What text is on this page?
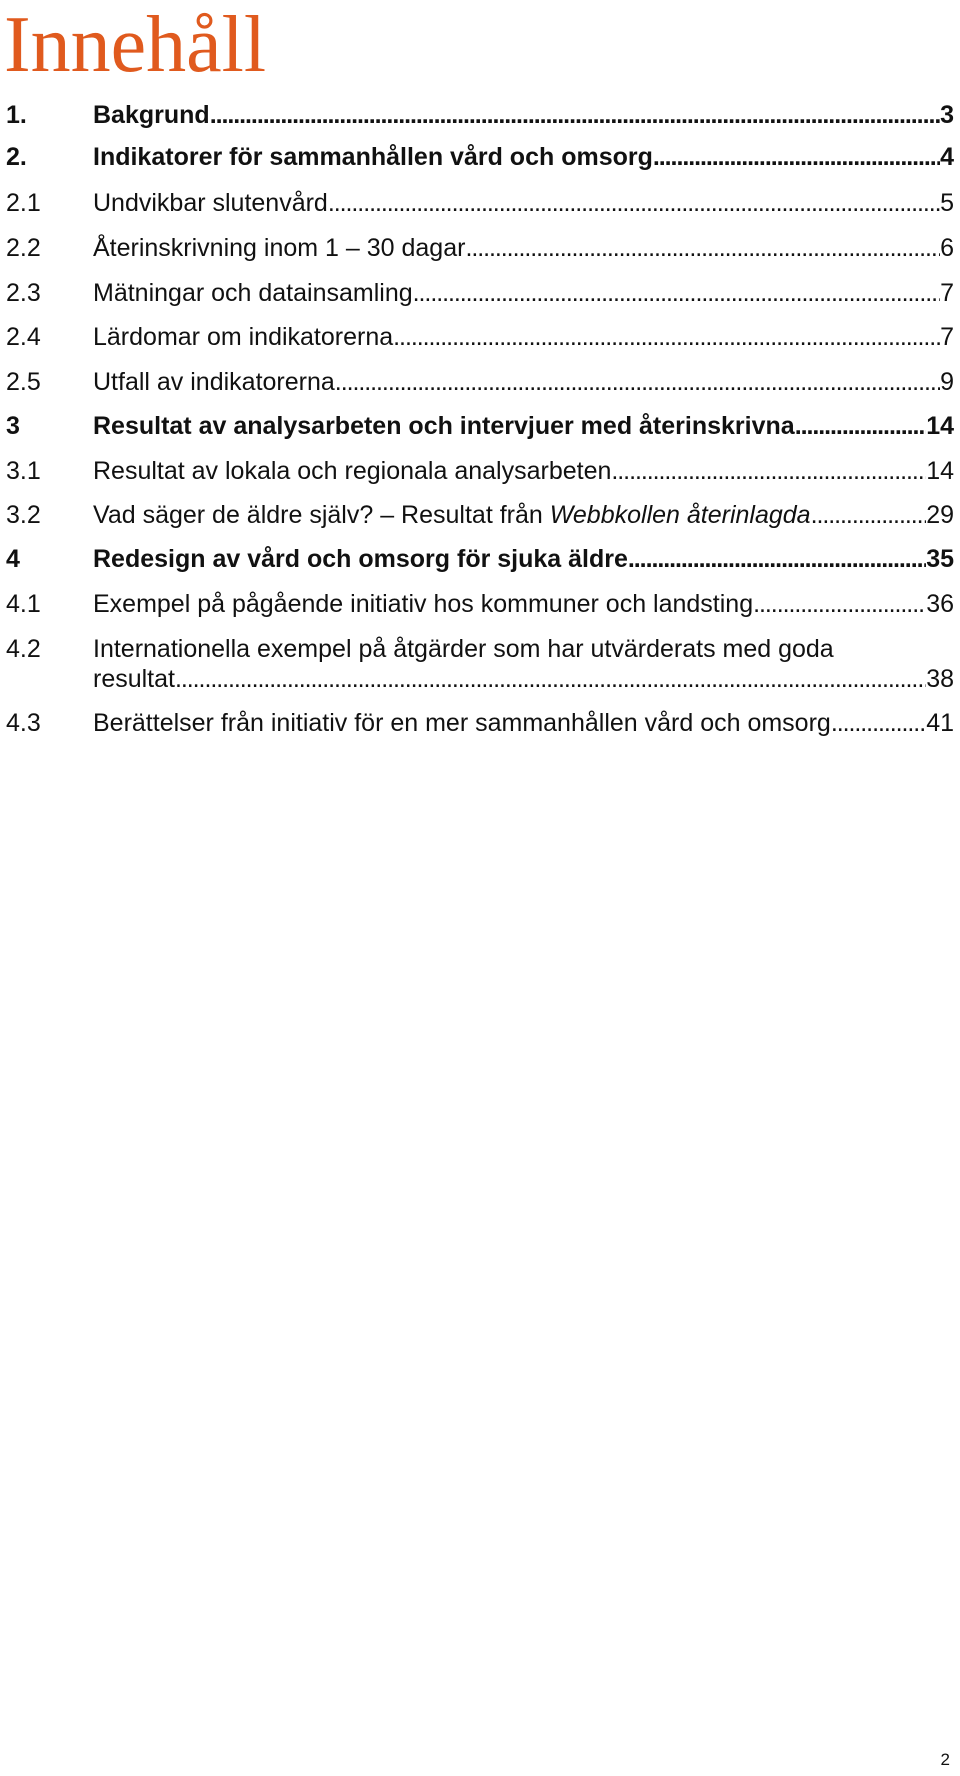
Innehåll
1.	Bakgrund . . .	3
2.	Indikatorer för sammanhållen vård och omsorg . . .	4
2.1	Undvikbar slutenvård . . .	5
2.2	Återinskrivning inom 1 – 30 dagar . . .	6
2.3	Mätningar och datainsamling . . .	7
2.4	Lärdomar om indikatorerna . . .	7
2.5	Utfall av indikatorerna . . .	9
3	Resultat av analysarbeten och intervjuer med återinskrivna . . .	14
3.1	Resultat av lokala och regionala analysarbeten . . .	14
3.2	Vad säger de äldre själv? – Resultat från Webbkollen återinlagda . . .	29
4	Redesign av vård och omsorg för sjuka äldre . . .	35
4.1	Exempel på pågående initiativ hos kommuner och landsting . . .	36
4.2	Internationella exempel på åtgärder som har utvärderats med goda
resultat . . .	38
4.3	Berättelser från initiativ för en mer sammanhållen vård och omsorg . . .	41
2
